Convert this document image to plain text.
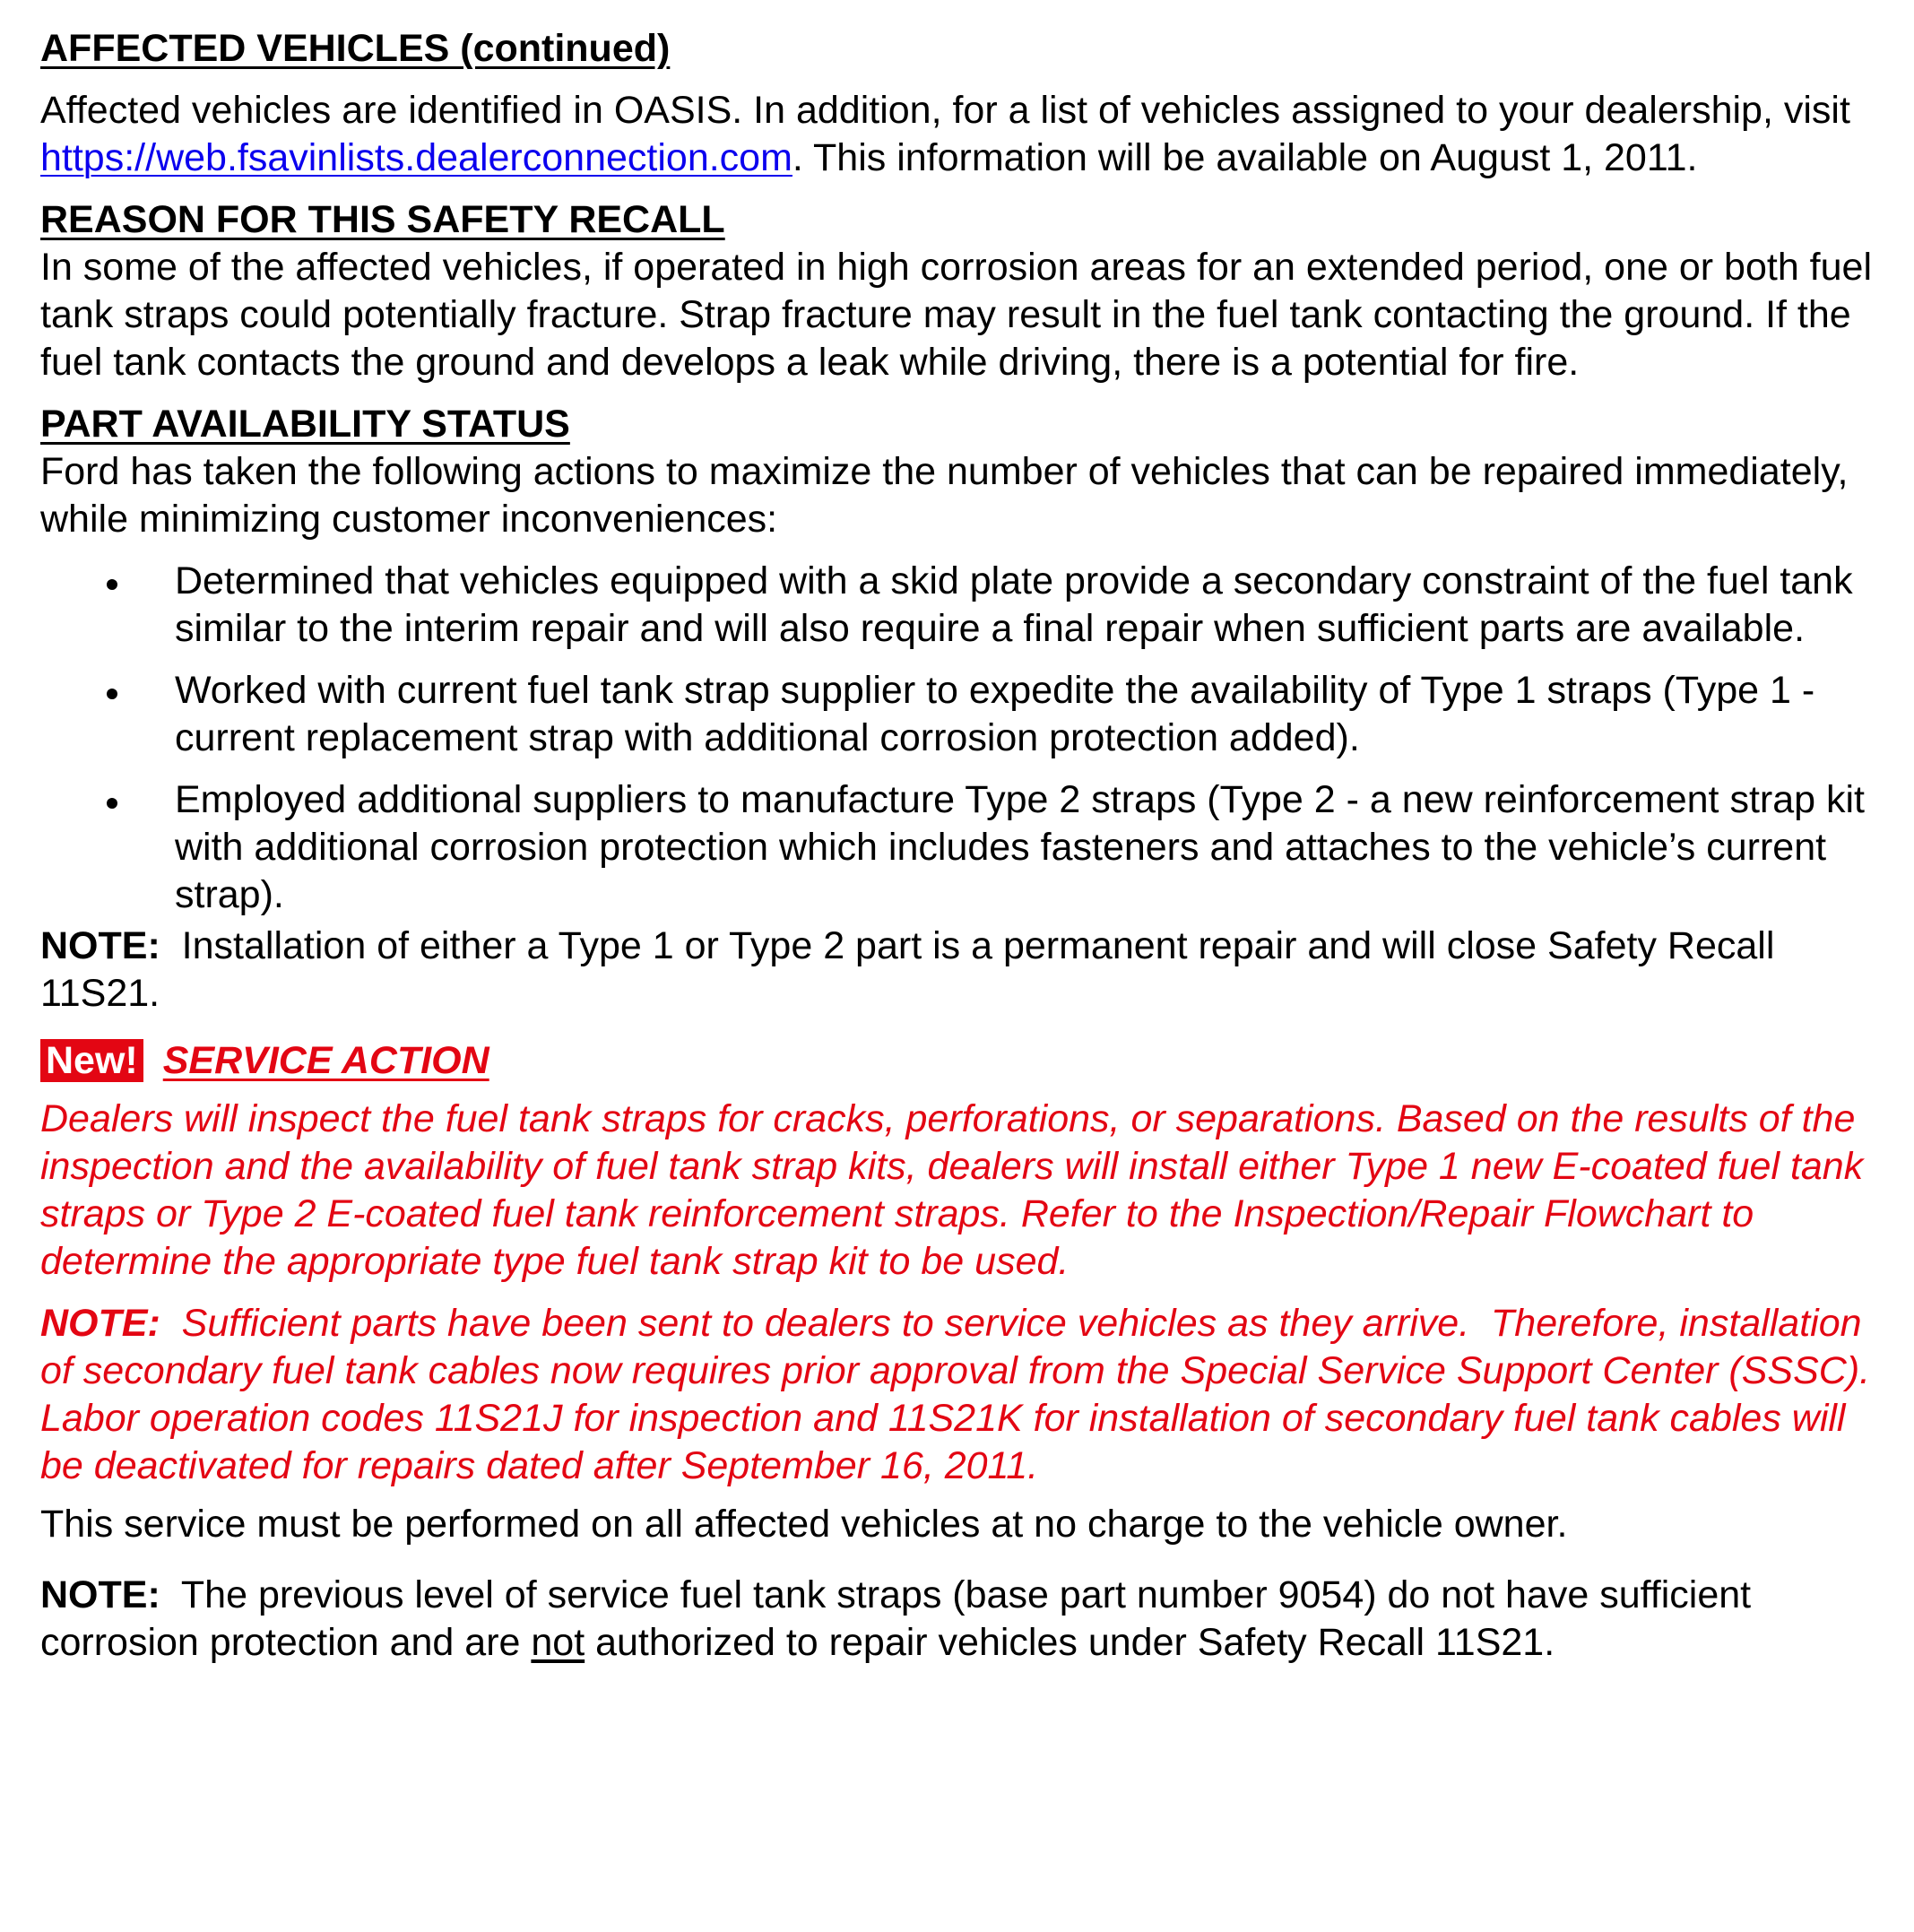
AFFECTED VEHICLES (continued)

Affected vehicles are identified in OASIS. In addition, for a list of vehicles assigned to your dealership, visit https://web.fsavinlists.dealerconnection.com. This information will be available on August 1, 2011.

REASON FOR THIS SAFETY RECALL

In some of the affected vehicles, if operated in high corrosion areas for an extended period, one or both fuel tank straps could potentially fracture. Strap fracture may result in the fuel tank contacting the ground. If the fuel tank contacts the ground and develops a leak while driving, there is a potential for fire.

PART AVAILABILITY STATUS

Ford has taken the following actions to maximize the number of vehicles that can be repaired immediately, while minimizing customer inconveniences:

Determined that vehicles equipped with a skid plate provide a secondary constraint of the fuel tank similar to the interim repair and will also require a final repair when sufficient parts are available.
Worked with current fuel tank strap supplier to expedite the availability of Type 1 straps (Type 1 - current replacement strap with additional corrosion protection added).
Employed additional suppliers to manufacture Type 2 straps (Type 2 - a new reinforcement strap kit with additional corrosion protection which includes fasteners and attaches to the vehicle’s current strap).

NOTE:  Installation of either a Type 1 or Type 2 part is a permanent repair and will close Safety Recall 11S21.

New! SERVICE ACTION

Dealers will inspect the fuel tank straps for cracks, perforations, or separations. Based on the results of the inspection and the availability of fuel tank strap kits, dealers will install either Type 1 new E-coated fuel tank straps or Type 2 E-coated fuel tank reinforcement straps. Refer to the Inspection/Repair Flowchart to determine the appropriate type fuel tank strap kit to be used.

NOTE:  Sufficient parts have been sent to dealers to service vehicles as they arrive.  Therefore, installation of secondary fuel tank cables now requires prior approval from the Special Service Support Center (SSSC).  Labor operation codes 11S21J for inspection and 11S21K for installation of secondary fuel tank cables will be deactivated for repairs dated after September 16, 2011.

This service must be performed on all affected vehicles at no charge to the vehicle owner.

NOTE:  The previous level of service fuel tank straps (base part number 9054) do not have sufficient corrosion protection and are not authorized to repair vehicles under Safety Recall 11S21.
